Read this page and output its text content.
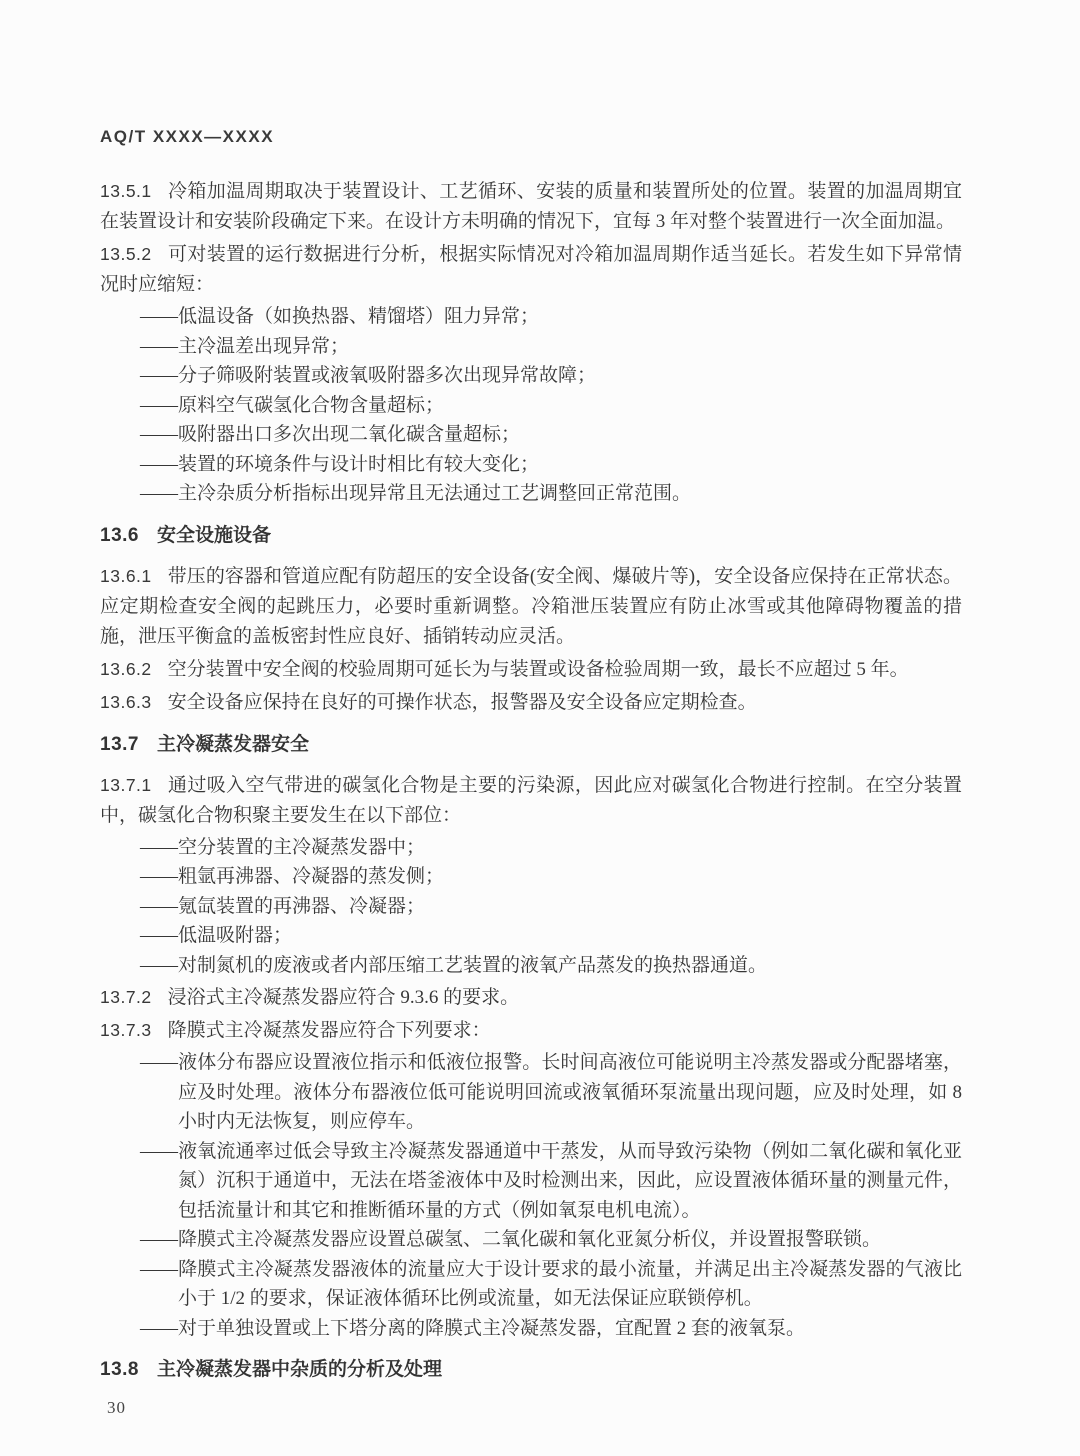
AQ/T XXXX—XXXX

13.5.1 冷箱加温周期取决于装置设计、工艺循环、安装的质量和装置所处的位置。装置的加温周期宜在装置设计和安装阶段确定下来。在设计方未明确的情况下，宜每 3 年对整个装置进行一次全面加温。

13.5.2 可对装置的运行数据进行分析，根据实际情况对冷箱加温周期作适当延长。若发生如下异常情况时应缩短：

——低温设备（如换热器、精馏塔）阻力异常；
——主冷温差出现异常；
——分子筛吸附装置或液氧吸附器多次出现异常故障；
——原料空气碳氢化合物含量超标；
——吸附器出口多次出现二氧化碳含量超标；
——装置的环境条件与设计时相比有较大变化；
——主冷杂质分析指标出现异常且无法通过工艺调整回正常范围。
13.6 安全设施设备

13.6.1 带压的容器和管道应配有防超压的安全设备(安全阀、爆破片等)，安全设备应保持在正常状态。应定期检查安全阀的起跳压力，必要时重新调整。冷箱泄压装置应有防止冰雪或其他障碍物覆盖的措施，泄压平衡盒的盖板密封性应良好、插销转动应灵活。

13.6.2 空分装置中安全阀的校验周期可延长为与装置或设备检验周期一致，最长不应超过 5 年。

13.6.3 安全设备应保持在良好的可操作状态，报警器及安全设备应定期检查。

13.7 主冷凝蒸发器安全

13.7.1 通过吸入空气带进的碳氢化合物是主要的污染源，因此应对碳氢化合物进行控制。在空分装置中，碳氢化合物积聚主要发生在以下部位：

——空分装置的主冷凝蒸发器中；
——粗氩再沸器、冷凝器的蒸发侧；
——氪氙装置的再沸器、冷凝器；
——低温吸附器；
——对制氮机的废液或者内部压缩工艺装置的液氧产品蒸发的换热器通道。

13.7.2 浸浴式主冷凝蒸发器应符合 9.3.6 的要求。

13.7.3 降膜式主冷凝蒸发器应符合下列要求：

——液体分布器应设置液位指示和低液位报警。长时间高液位可能说明主冷蒸发器或分配器堵塞，应及时处理。液体分布器液位低可能说明回流或液氧循环泵流量出现问题，应及时处理，如 8 小时内无法恢复，则应停车。
——液氧流通率过低会导致主冷凝蒸发器通道中干蒸发，从而导致污染物（例如二氧化碳和氧化亚氮）沉积于通道中，无法在塔釜液体中及时检测出来，因此，应设置液体循环量的测量元件，包括流量计和其它和推断循环量的方式（例如氧泵电机电流）。
——降膜式主冷凝蒸发器应设置总碳氢、二氧化碳和氧化亚氮分析仪，并设置报警联锁。
——降膜式主冷凝蒸发器液体的流量应大于设计要求的最小流量，并满足出主冷凝蒸发器的气液比小于 1/2 的要求，保证液体循环比例或流量，如无法保证应联锁停机。
——对于单独设置或上下塔分离的降膜式主冷凝蒸发器，宜配置 2 套的液氧泵。
13.8 主冷凝蒸发器中杂质的分析及处理
30
